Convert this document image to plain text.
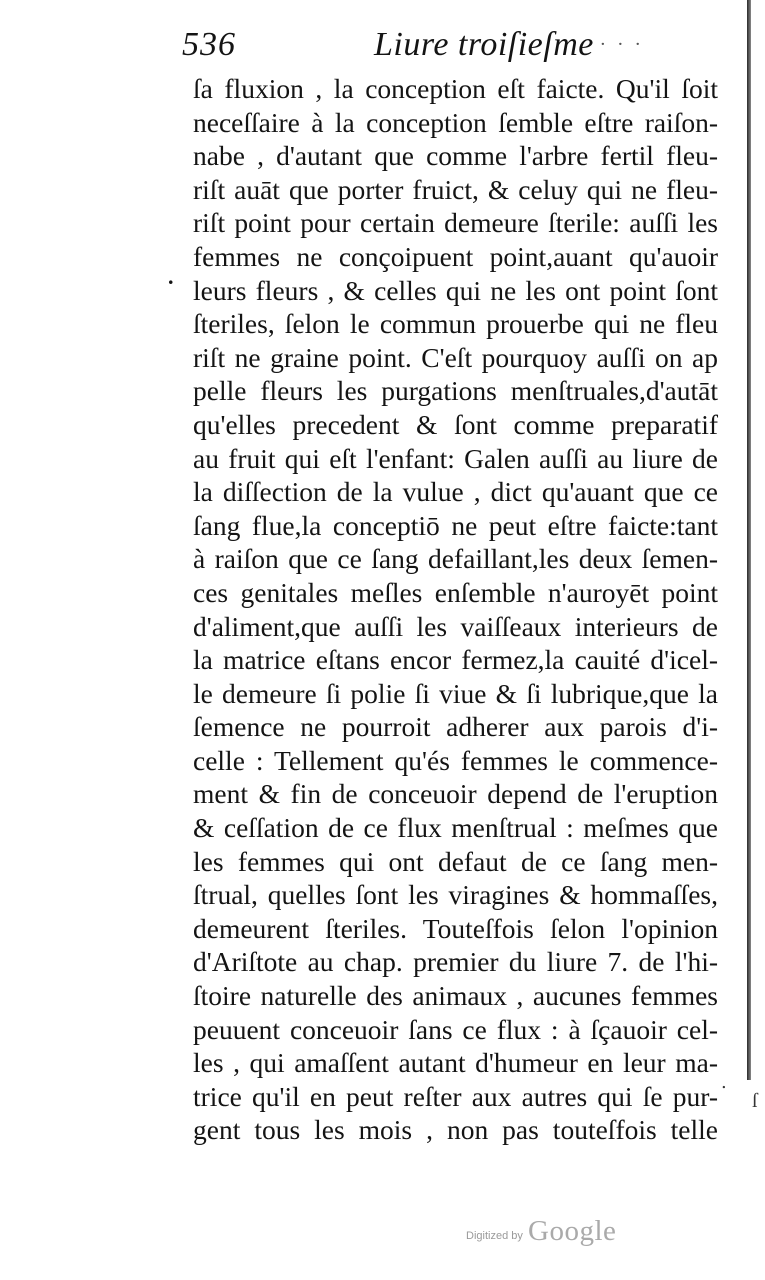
536	Liure troiſieſme · · ·
.
ſa fluxion , la conception eſt faicte. Qu'il ſoit
neceſſaire à la conception ſemble eſtre raiſon-
nabe , d'autant que comme l'arbre fertil fleu-
riſt auāt que porter fruict, & celuy qui ne fleu-
riſt point pour certain demeure ſterile: auſſi les
femmes ne conçoipuent point,auant qu'auoir
leurs fleurs , & celles qui ne les ont point ſont
ſteriles, ſelon le commun prouerbe qui ne fleu
riſt ne graine point. C'eſt pourquoy auſſi on ap
pelle fleurs les purgations menſtruales,d'autāt
qu'elles precedent & ſont comme preparatif
au fruit qui eſt l'enfant: Galen auſſi au liure de
la diſſection de la vulue , dict qu'auant que ce
ſang flue,la conceptiō ne peut eſtre faicte:tant
à raiſon que ce ſang defaillant,les deux ſemen-
ces genitales meſles enſemble n'auroyēt point
d'aliment,que auſſi les vaiſſeaux interieurs de
la matrice eſtans encor fermez,la cauité d'icel-
le demeure ſi polie ſi viue & ſi lubrique,que la
ſemence ne pourroit adherer aux parois d'i-
celle : Tellement qu'és femmes le commence-
ment & fin de conceuoir depend de l'eruption
& ceſſation de ce flux menſtrual : meſmes que
les femmes qui ont defaut de ce ſang men-
ſtrual, quelles ſont les viragines & hommaſſes,
demeurent ſteriles. Touteſfois ſelon l'opinion
d'Ariſtote au chap. premier du liure 7. de l'hi-
ſtoire naturelle des animaux , aucunes femmes
peuuent conceuoir ſans ce flux : à ſçauoir cel-
les , qui amaſſent autant d'humeur en leur ma-
trice qu'il en peut reſter aux autres qui ſe pur-
gent tous les mois , non pas touteſfois telle
.
ſ
Digitized by Google
